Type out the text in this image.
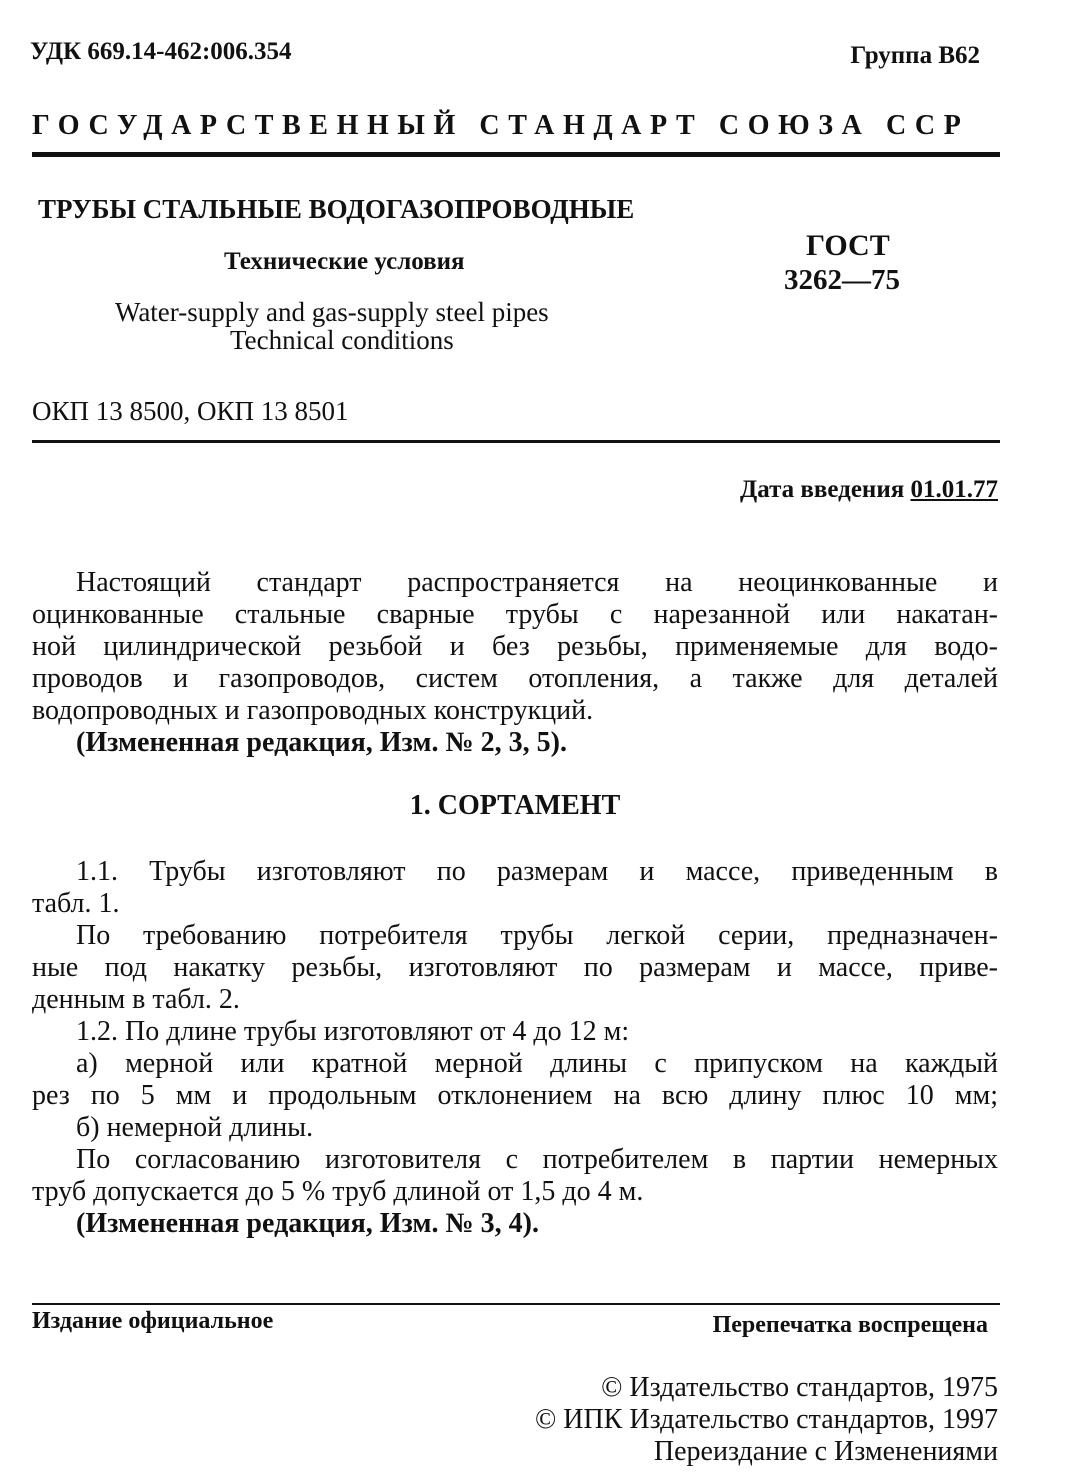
УДК 669.14-462:006.354	Группа В62
ГОСУДАРСТВЕННЫЙ СТАНДАРТ СОЮЗА ССР
ТРУБЫ СТАЛЬНЫЕ ВОДОГАЗОПРОВОДНЫЕ
Технические условия
Water-supply and gas-supply steel pipes
Technical conditions
ГОСТ
3262—75
ОКП 13 8500, ОКП 13 8501
Дата введения 01.01.77
Настоящий стандарт распространяется на неоцинкованные и
оцинкованные стальные сварные трубы с нарезанной или накатан-
ной цилиндрической резьбой и без резьбы, применяемые для водо-
проводов и газопроводов, систем отопления, а также для деталей
водопроводных и газопроводных конструкций.
(Измененная редакция, Изм. № 2, 3, 5).
1. СОРТАМЕНТ
1.1. Трубы изготовляют по размерам и массе, приведенным в
табл. 1.
По требованию потребителя трубы легкой серии, предназначен-
ные под накатку резьбы, изготовляют по размерам и массе, приве-
денным в табл. 2.
1.2. По длине трубы изготовляют от 4 до 12 м:
а) мерной или кратной мерной длины с припуском на каждый
рез по 5 мм и продольным отклонением на всю длину плюс 10 мм;
б) немерной длины.
По согласованию изготовителя с потребителем в партии немерных
труб допускается до 5 % труб длиной от 1,5 до 4 м.
(Измененная редакция, Изм. № 3, 4).
Издание официальное	Перепечатка воспрещена
© Издательство стандартов, 1975
© ИПК Издательство стандартов, 1997
Переиздание с Изменениями
